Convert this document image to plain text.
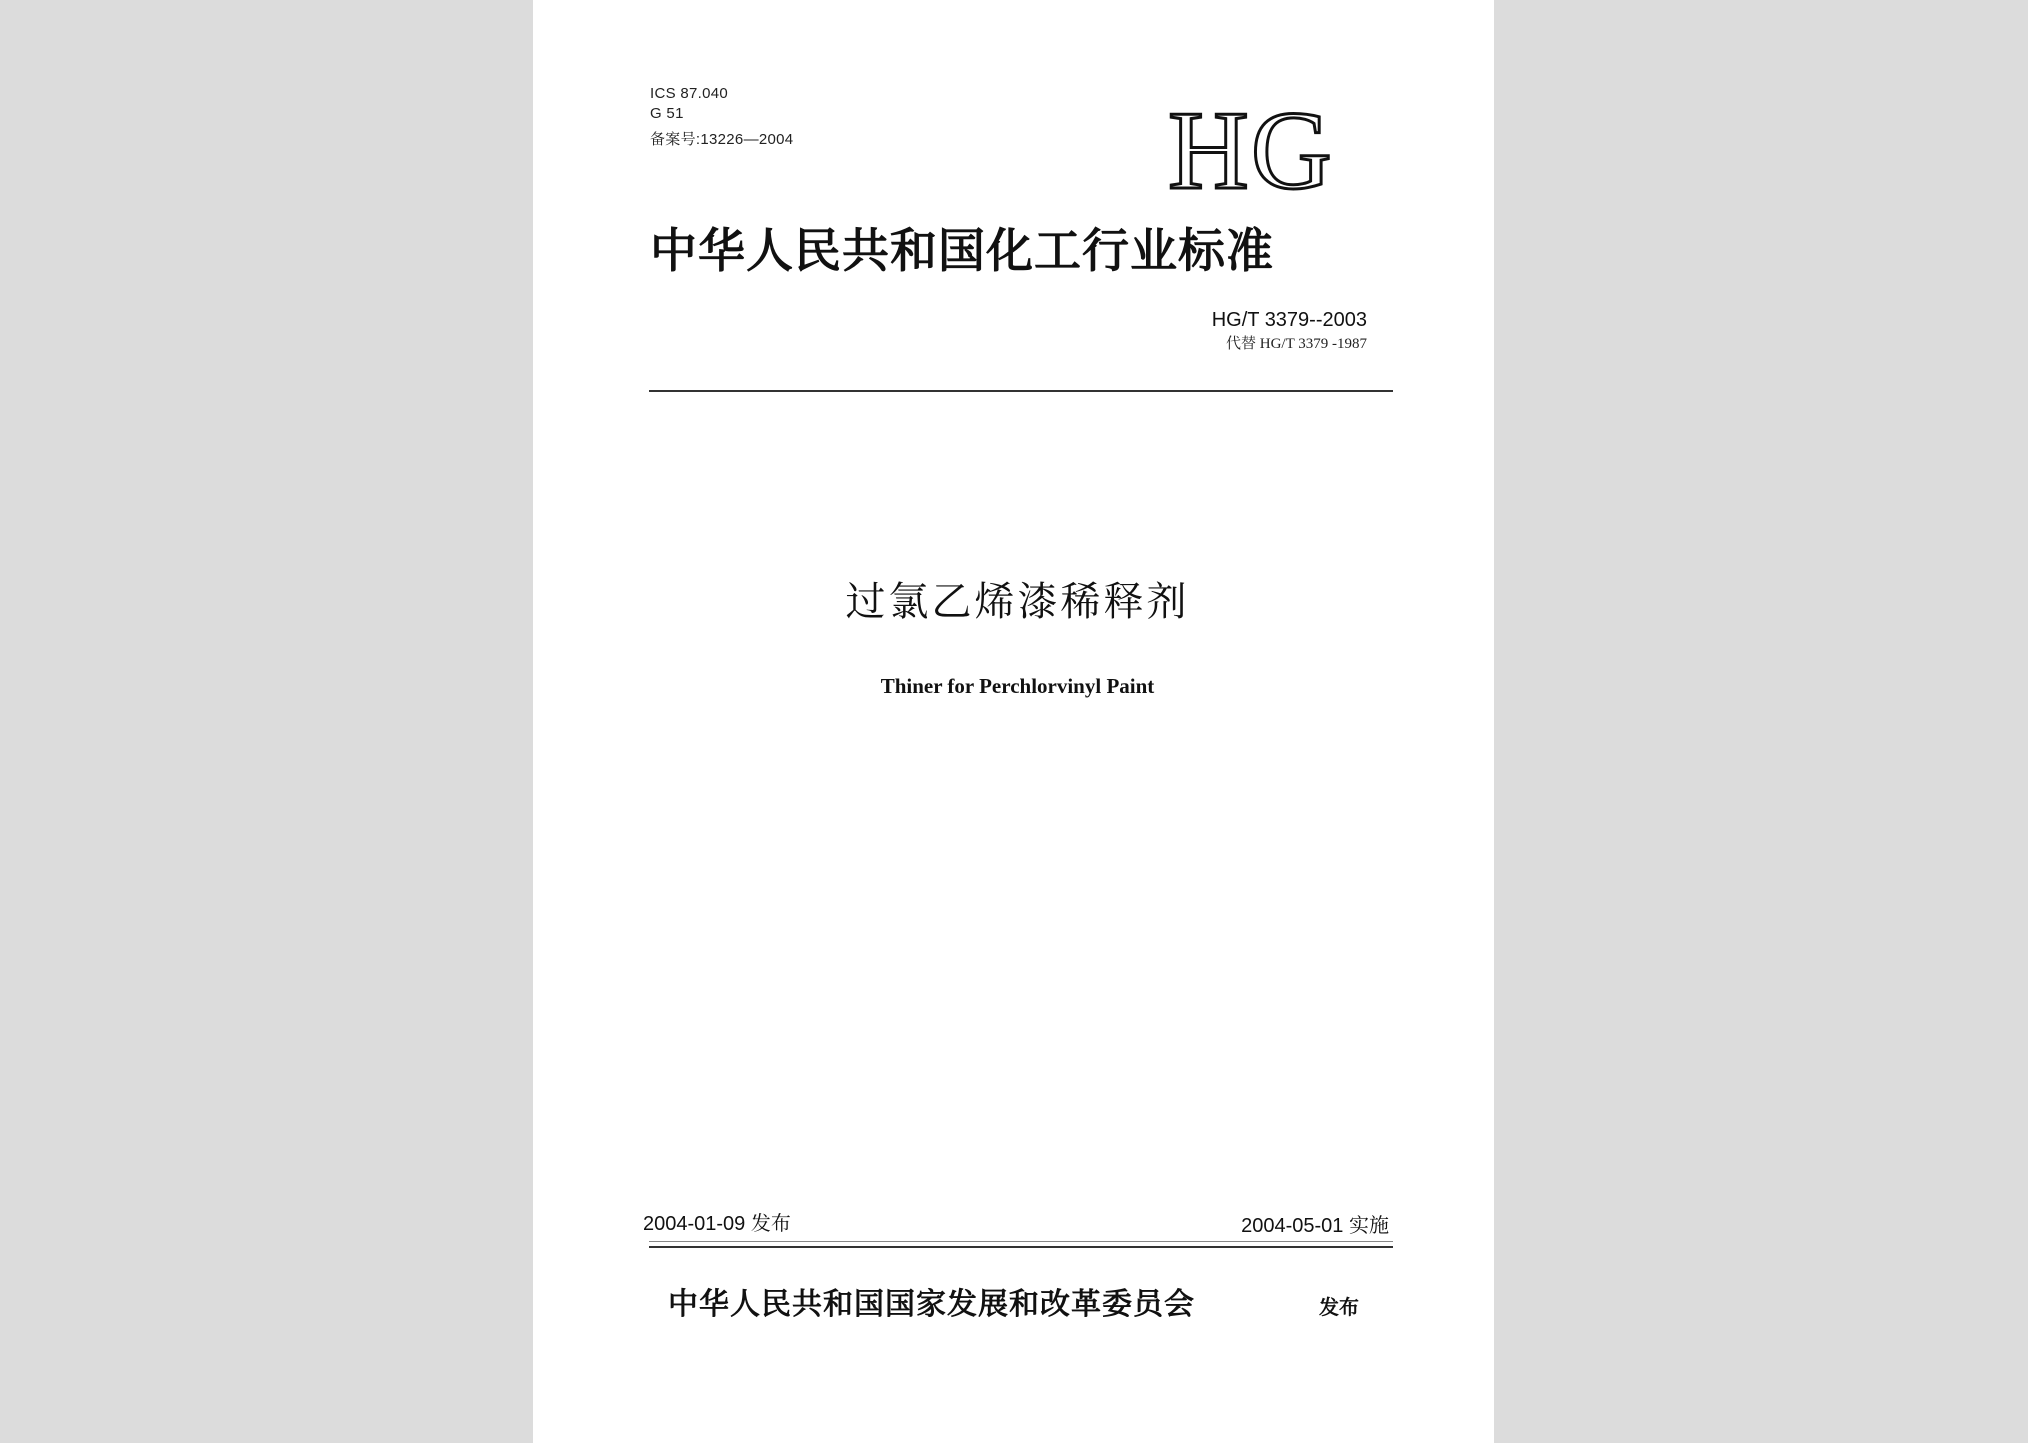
ICS 87.040
G 51
备案号:13226—2004	HG
中华人民共和国化工行业标准
HG/T 3379--2003
代替 HG/T 3379 -1987
过氯乙烯漆稀释剂
Thiner for Perchlorvinyl Paint
2004-01-09 发布	2004-05-01 实施
中华人民共和国国家发展和改革委员会	发布
